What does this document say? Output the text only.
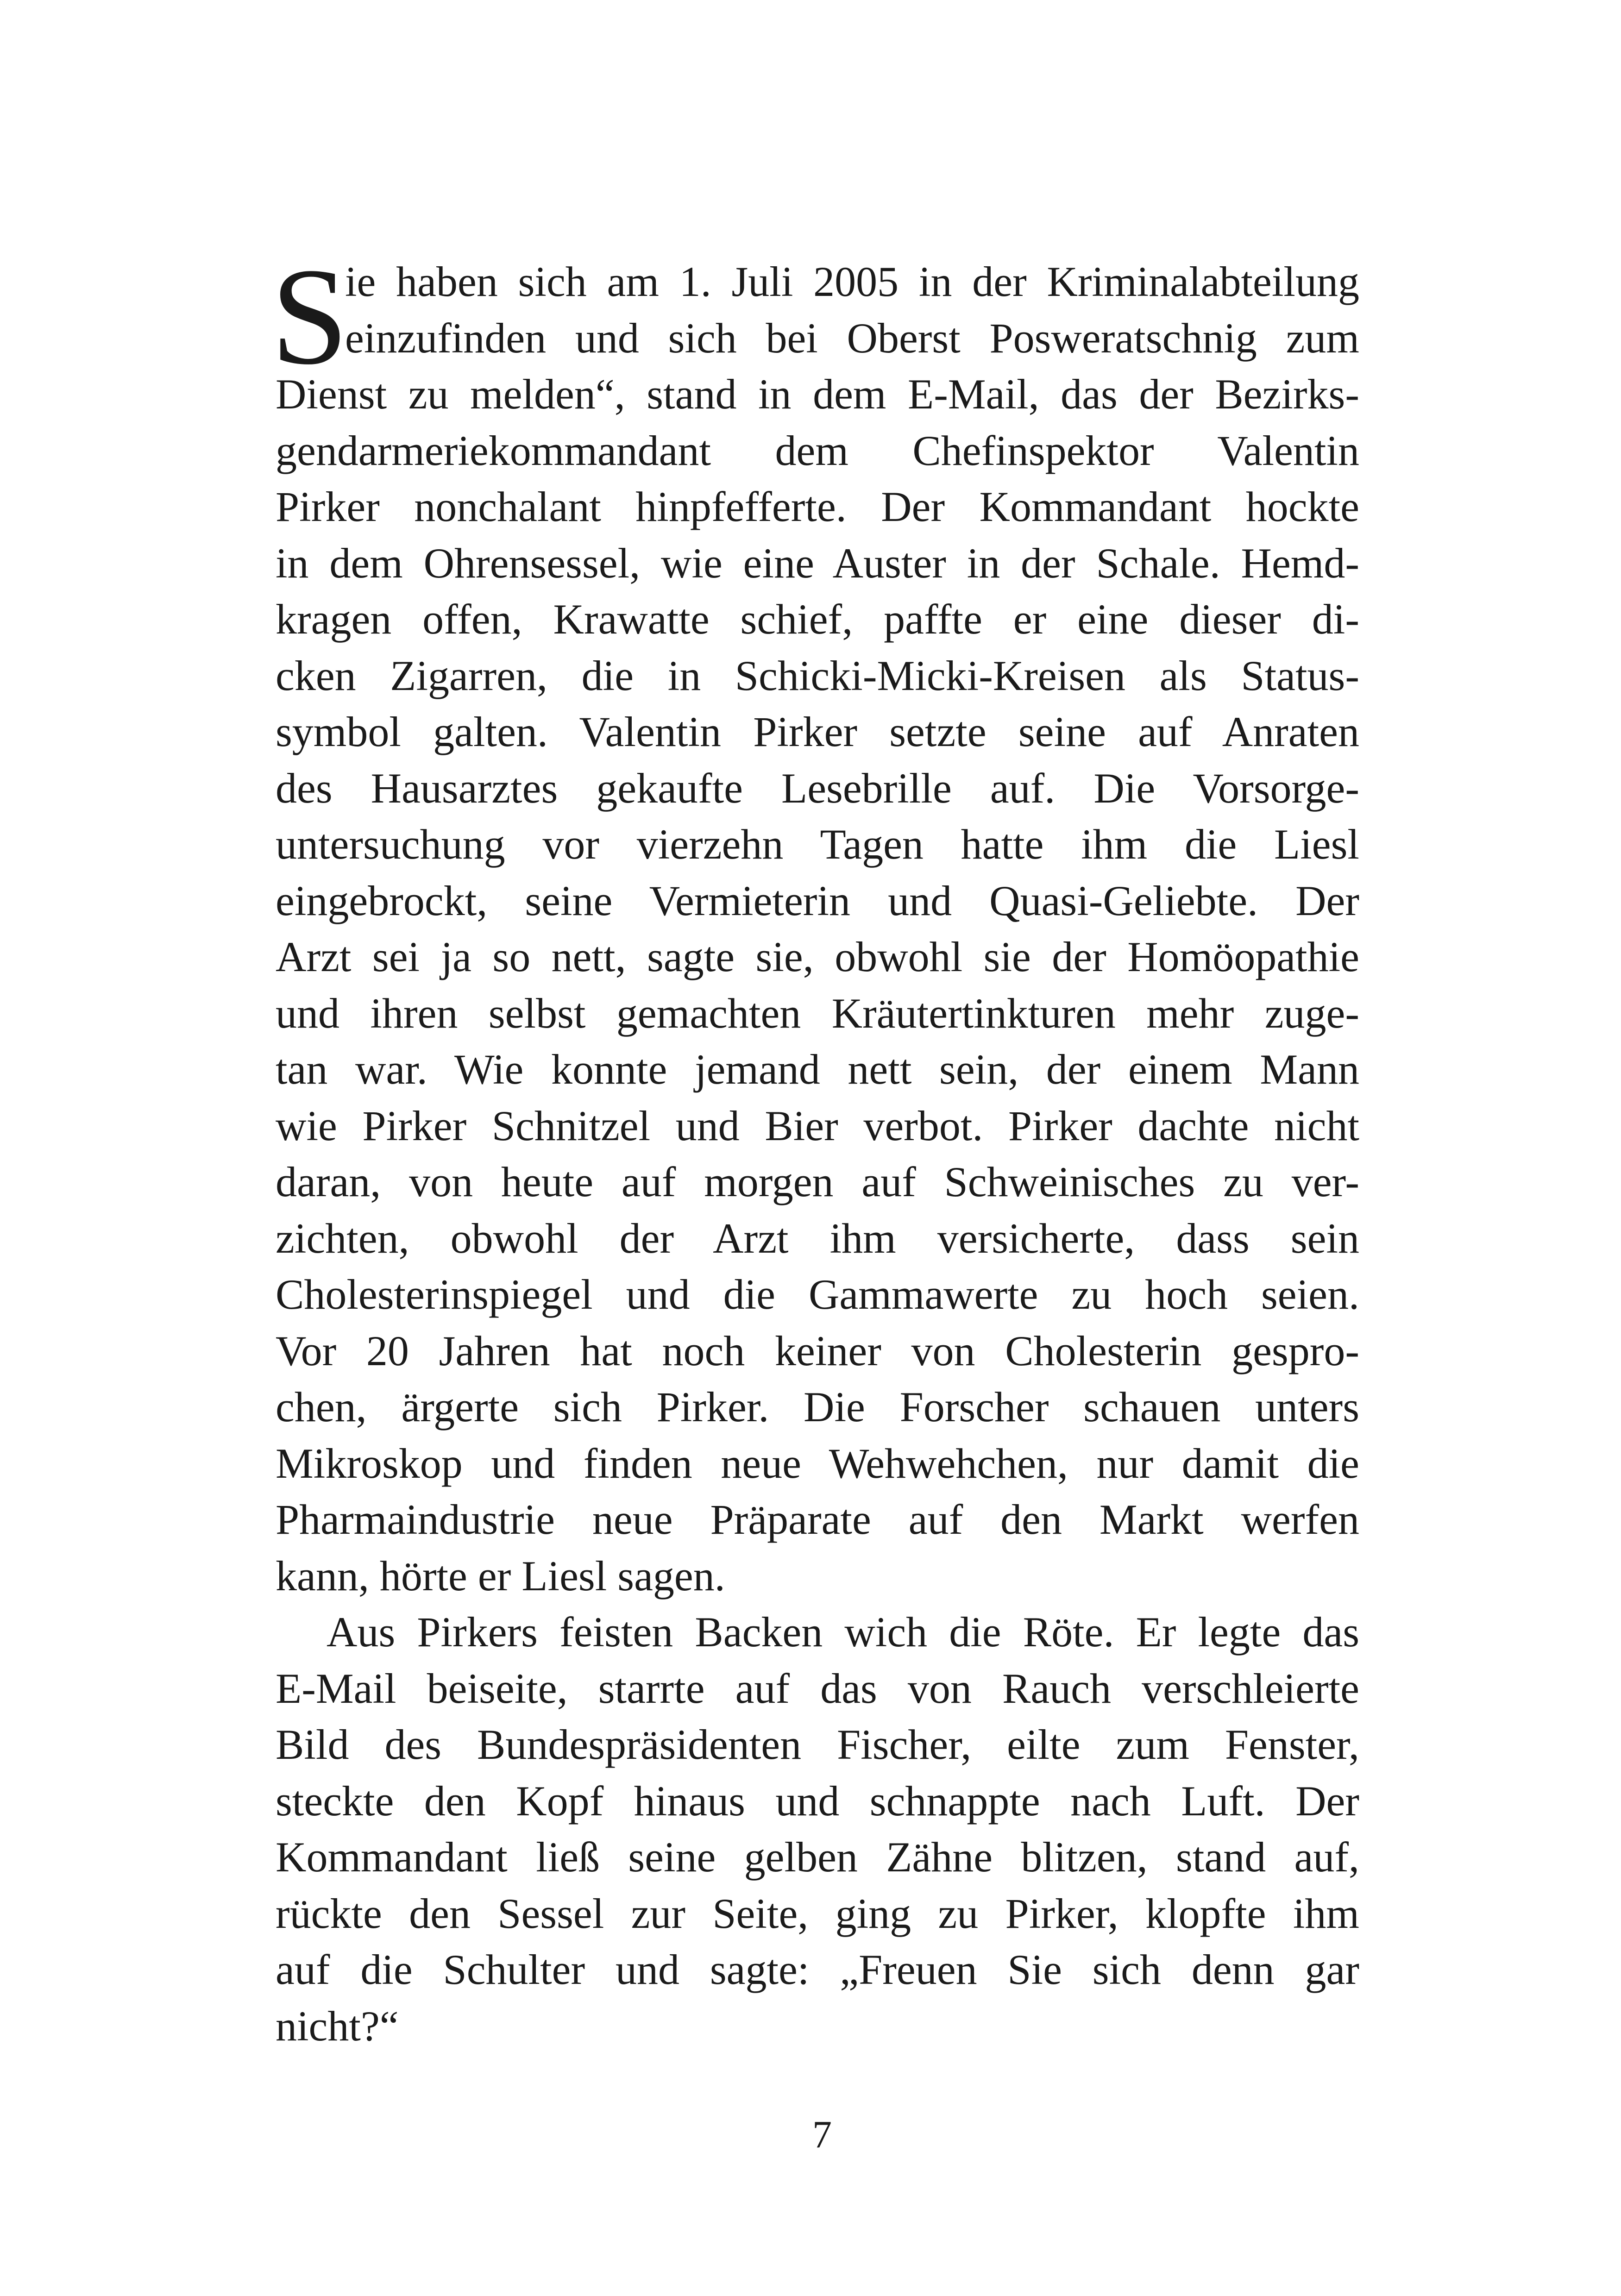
S
ie haben sich am 1. Juli 2005 in der Kriminalabteilung
einzufinden und sich bei Oberst Posweratschnig zum
Dienst zu melden“, stand in dem E-Mail, das der Bezirks-
gendarmeriekommandant dem Chefinspektor Valentin
Pirker nonchalant hinpfefferte. Der Kommandant hockte
in dem Ohrensessel, wie eine Auster in der Schale. Hemd-
kragen offen, Krawatte schief, paffte er eine dieser di-
cken Zigarren, die in Schicki-Micki-Kreisen als Status-
symbol galten. Valentin Pirker setzte seine auf Anraten
des Hausarztes gekaufte Lesebrille auf. Die Vorsorge-
untersuchung vor vierzehn Tagen hatte ihm die Liesl
eingebrockt, seine Vermieterin und Quasi-Geliebte. Der
Arzt sei ja so nett, sagte sie, obwohl sie der Homöopathie
und ihren selbst gemachten Kräutertinkturen mehr zuge-
tan war. Wie konnte jemand nett sein, der einem Mann
wie Pirker Schnitzel und Bier verbot. Pirker dachte nicht
daran, von heute auf morgen auf Schweinisches zu ver-
zichten, obwohl der Arzt ihm versicherte, dass sein
Cholesterinspiegel und die Gammawerte zu hoch seien.
Vor 20 Jahren hat noch keiner von Cholesterin gespro-
chen, ärgerte sich Pirker. Die Forscher schauen unters
Mikroskop und finden neue Wehwehchen, nur damit die
Pharmaindustrie neue Präparate auf den Markt werfen
kann, hörte er Liesl sagen.
Aus Pirkers feisten Backen wich die Röte. Er legte das
E-Mail beiseite, starrte auf das von Rauch verschleierte
Bild des Bundespräsidenten Fischer, eilte zum Fenster,
steckte den Kopf hinaus und schnappte nach Luft. Der
Kommandant ließ seine gelben Zähne blitzen, stand auf,
rückte den Sessel zur Seite, ging zu Pirker, klopfte ihm
auf die Schulter und sagte: „Freuen Sie sich denn gar
nicht?“
7
